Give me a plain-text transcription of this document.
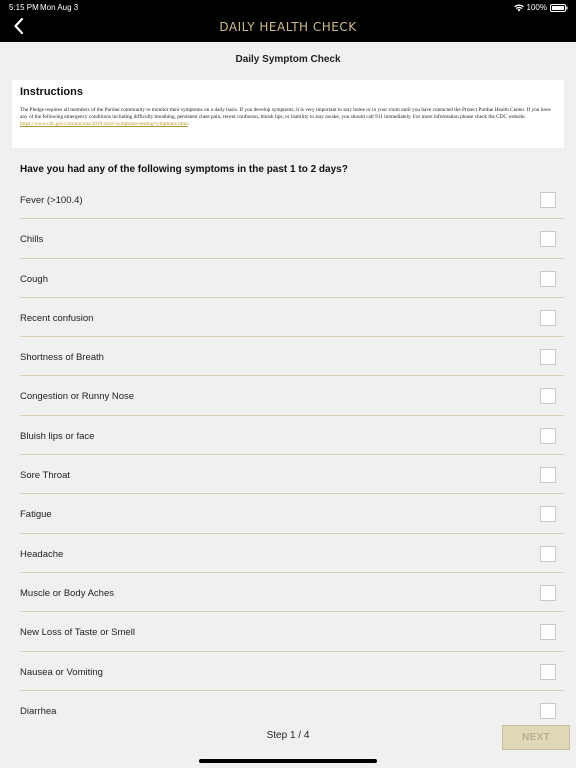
5:15 PM Mon Aug 3	100%
DAILY HEALTH CHECK
Daily Symptom Check
Instructions

The Pledge requires all members of the Purdue community to monitor their symptoms on a daily basis. If you develop symptoms, it is very important to stay home or in your room until you have contacted the Protect Purdue Health Center. If you have any of the following emergency conditions including difficulty breathing, persistent chest pain, recent confusion, bluish lips, or inability to stay awake, you should call 911 immediately. For more information please check the CDC website. https://www.cdc.gov/coronavirus/2019-ncov/symptoms-testing/symptoms.html.

Have you had any of the following symptoms in the past 1 to 2 days?
Fever (>100.4)
Chills
Cough
Recent confusion
Shortness of Breath
Congestion or Runny Nose
Bluish lips or face
Sore Throat
Fatigue
Headache
Muscle or Body Aches
New Loss of Taste or Smell
Nausea or Vomiting
Diarrhea
Step 1 / 4	NEXT
